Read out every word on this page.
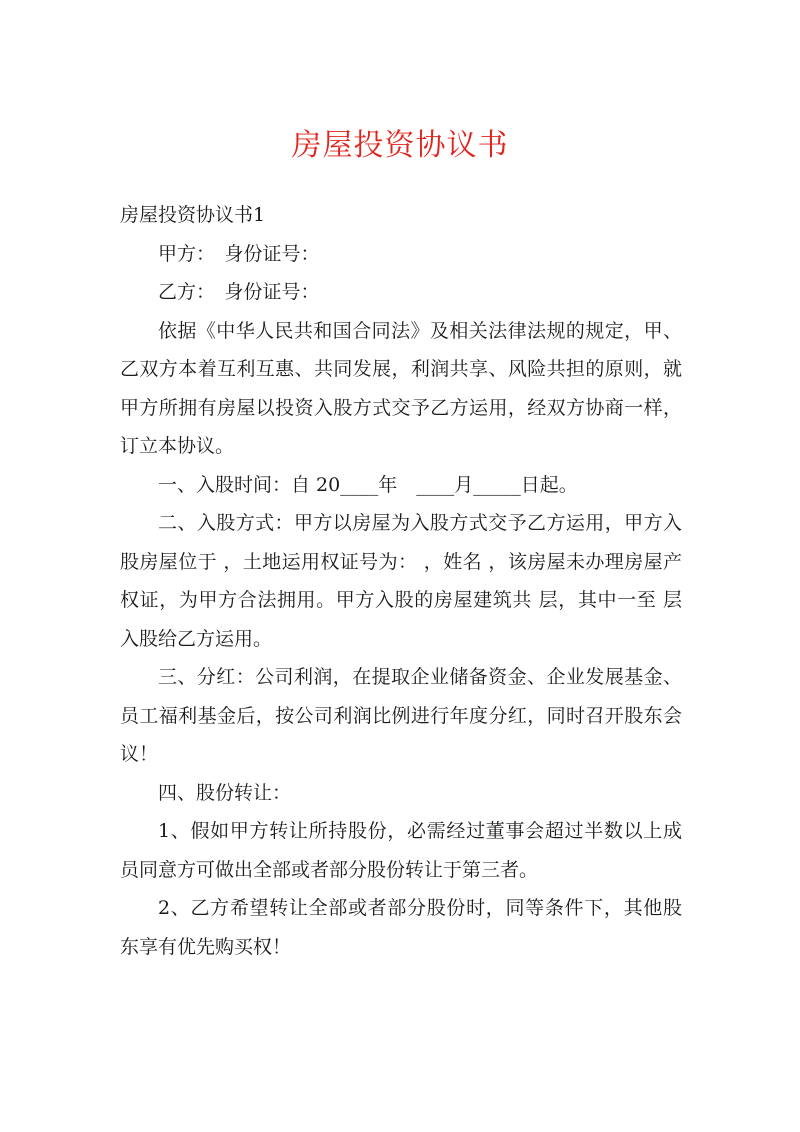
房屋投资协议书

房屋投资协议书1

甲方：　身份证号：

乙方：　身份证号：

依据《中华人民共和国合同法》及相关法律法规的规定，甲、乙双方本着互利互惠、共同发展，利润共享、风险共担的原则，就甲方所拥有房屋以投资入股方式交予乙方运用，经双方协商一样，订立本协议。

一、入股时间：自 20____年　____月_____日起。

二、入股方式：甲方以房屋为入股方式交予乙方运用，甲方入股房屋位于 ，土地运用权证号为： ，姓名 ，该房屋未办理房屋产权证，为甲方合法拥用。甲方入股的房屋建筑共 层，其中一至 层入股给乙方运用。

三、分红：公司利润，在提取企业储备资金、企业发展基金、员工福利基金后，按公司利润比例进行年度分红，同时召开股东会议！

四、股份转让：

1、假如甲方转让所持股份，必需经过董事会超过半数以上成员同意方可做出全部或者部分股份转让于第三者。

2、乙方希望转让全部或者部分股份时，同等条件下，其他股东享有优先购买权！
